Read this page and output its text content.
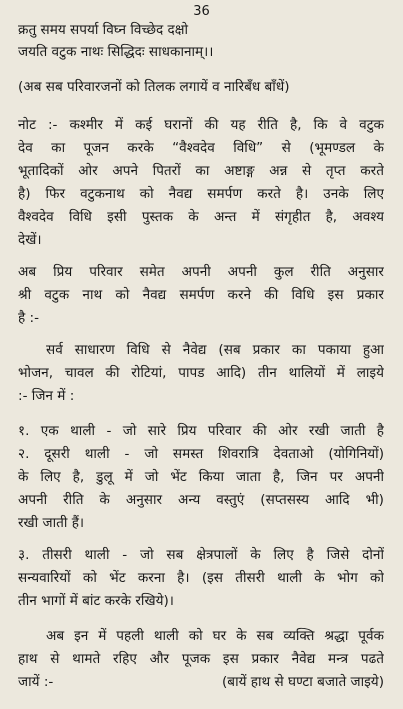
36
क्रतु समय सपर्या विघ्न विच्छेद दक्षो
जयति वटुक नाथः सिद्धिदः साधकानाम्।।
(अब सब परिवारजनों को तिलक लगायें व नारिबँध बाँधें)
नोट :- कश्मीर में कई घरानों की यह रीति है, कि वे वटुक
देव का पूजन करके “वैश्वदेव विधि” से (भूमण्डल के
भूतादिकों ओर अपने पितरों का अष्टाङ्ग अन्न से तृप्त करते
है) फिर वटुकनाथ को नैवद्य समर्पण करते है। उनके लिए
वैश्वदेव विधि इसी पुस्तक के अन्त में संगृहीत है, अवश्य
देखें।
अब प्रिय परिवार समेत अपनी अपनी कुल रीति अनुसार
श्री वटुक नाथ को नैवद्य समर्पण करने की विधि इस प्रकार
है :-
सर्व साधारण विधि से नैवेद्य (सब प्रकार का पकाया हुआ
भोजन, चावल की रोटियां, पापड आदि) तीन थालियों में लाइये
:- जिन में :
१. एक थाली - जो सारे प्रिय परिवार की ओर रखी जाती है
२. दूसरी थाली - जो समस्त शिवरात्रि देवताओ (योगिनियों)
के लिए है, डुलू में जो भेंट किया जाता है, जिन पर अपनी
अपनी रीति के अनुसार अन्य वस्तुएं (सप्तसस्य आदि भी)
रखी जाती हैं।
३. तीसरी थाली - जो सब क्षेत्रपालों के लिए है जिसे दोनों
सन्यवारियों को भेंट करना है। (इस तीसरी थाली के भोग को
तीन भागों में बांट करके रखिये)।
अब इन में पहली थाली को घर के सब व्यक्ति श्रद्धा पूर्वक
हाथ से थामते रहिए और पूजक इस प्रकार नैवेद्य मन्त्र पढते
जायें :-	(बायें हाथ से घण्टा बजाते जाइये)
